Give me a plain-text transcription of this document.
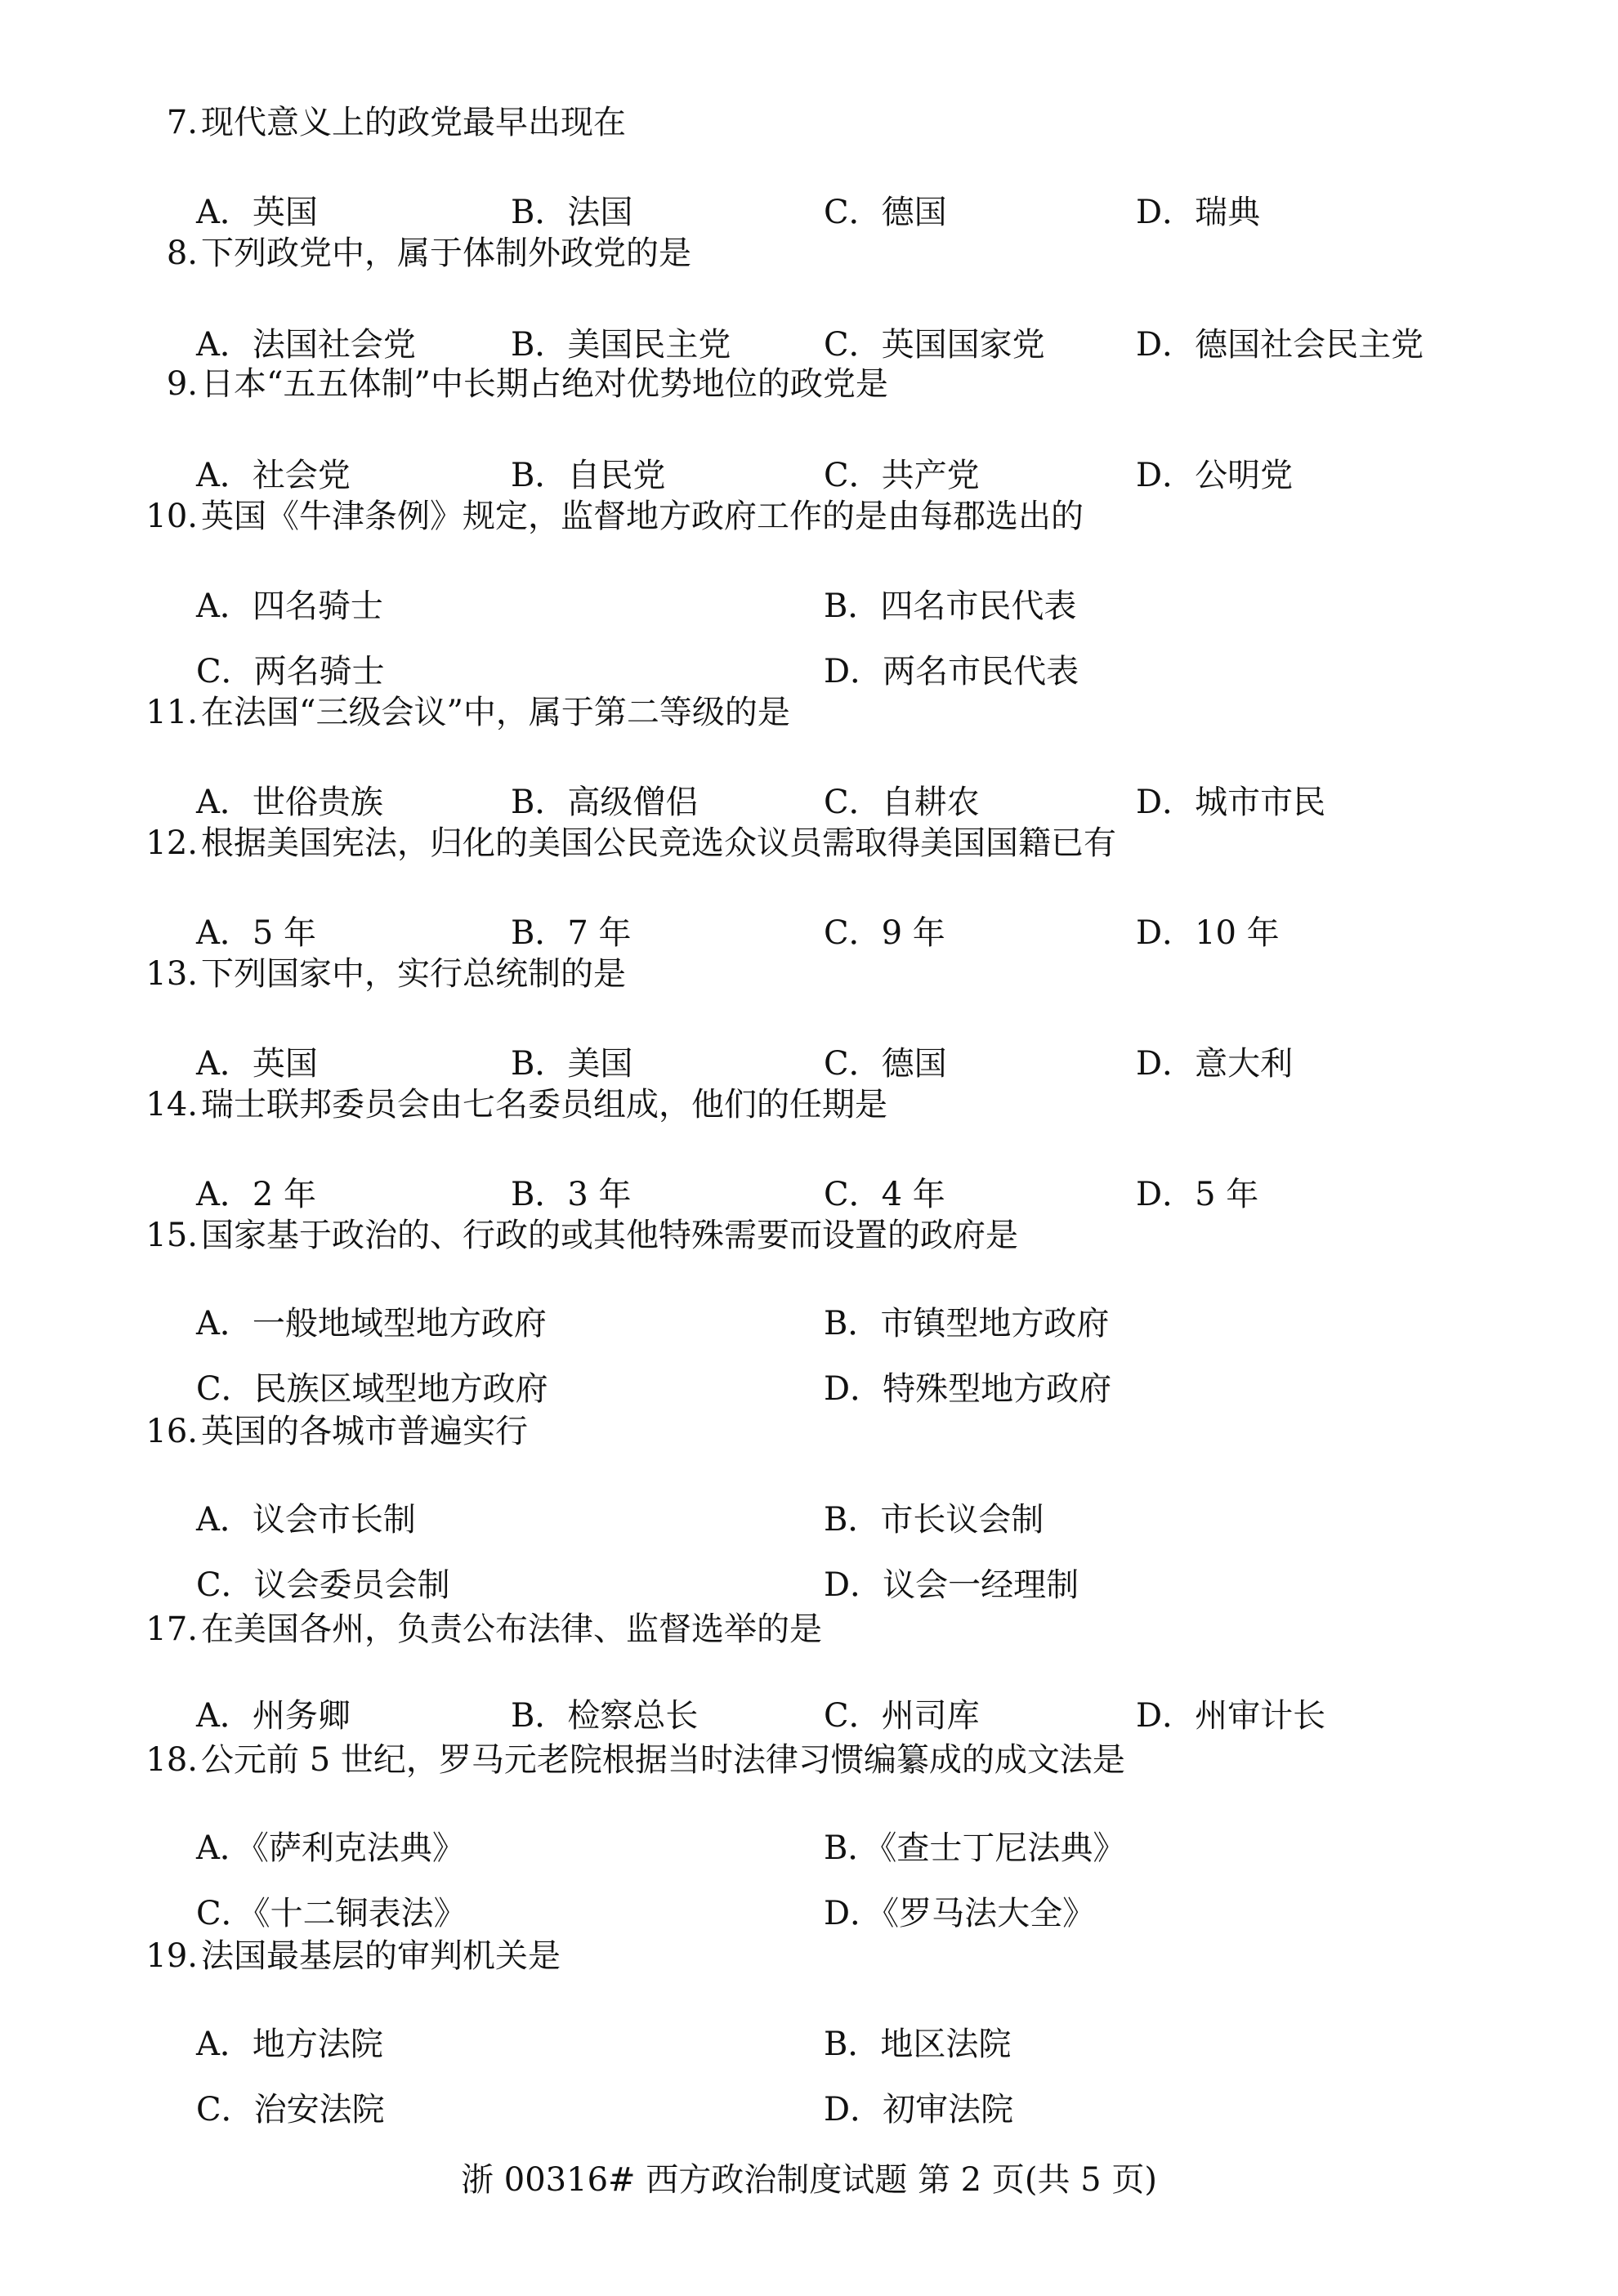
7. 现代意义上的政党最早出现在
A．英国	B．法国	C．德国	D．瑞典
8. 下列政党中，属于体制外政党的是
A．法国社会党	B．美国民主党	C．英国国家党	D．德国社会民主党
9. 日本“五五体制”中长期占绝对优势地位的政党是
A．社会党	B．自民党	C．共产党	D．公明党
10. 英国《牛津条例》规定，监督地方政府工作的是由每郡选出的
A．四名骑士	B．四名市民代表
C．两名骑士	D．两名市民代表
11. 在法国“三级会议”中，属于第二等级的是
A．世俗贵族	B．高级僧侣	C．自耕农	D．城市市民
12. 根据美国宪法，归化的美国公民竞选众议员需取得美国国籍已有
A．5 年	B．7 年	C．9 年	D．10 年
13. 下列国家中，实行总统制的是
A．英国	B．美国	C．德国	D．意大利
14. 瑞士联邦委员会由七名委员组成，他们的任期是
A．2 年	B．3 年	C．4 年	D．5 年
15. 国家基于政治的、行政的或其他特殊需要而设置的政府是
A．一般地域型地方政府	B．市镇型地方政府
C．民族区域型地方政府	D．特殊型地方政府
16. 英国的各城市普遍实行
A．议会市长制	B．市长议会制
C．议会委员会制	D．议会一经理制
17. 在美国各州，负责公布法律、监督选举的是
A．州务卿	B．检察总长	C．州司库	D．州审计长
18. 公元前 5 世纪，罗马元老院根据当时法律习惯编纂成的成文法是
A．《萨利克法典》	B．《查士丁尼法典》
C．《十二铜表法》	D．《罗马法大全》
19. 法国最基层的审判机关是
A．地方法院	B．地区法院
C．治安法院	D．初审法院
浙 00316# 西方政治制度试题 第 2 页(共 5 页)
